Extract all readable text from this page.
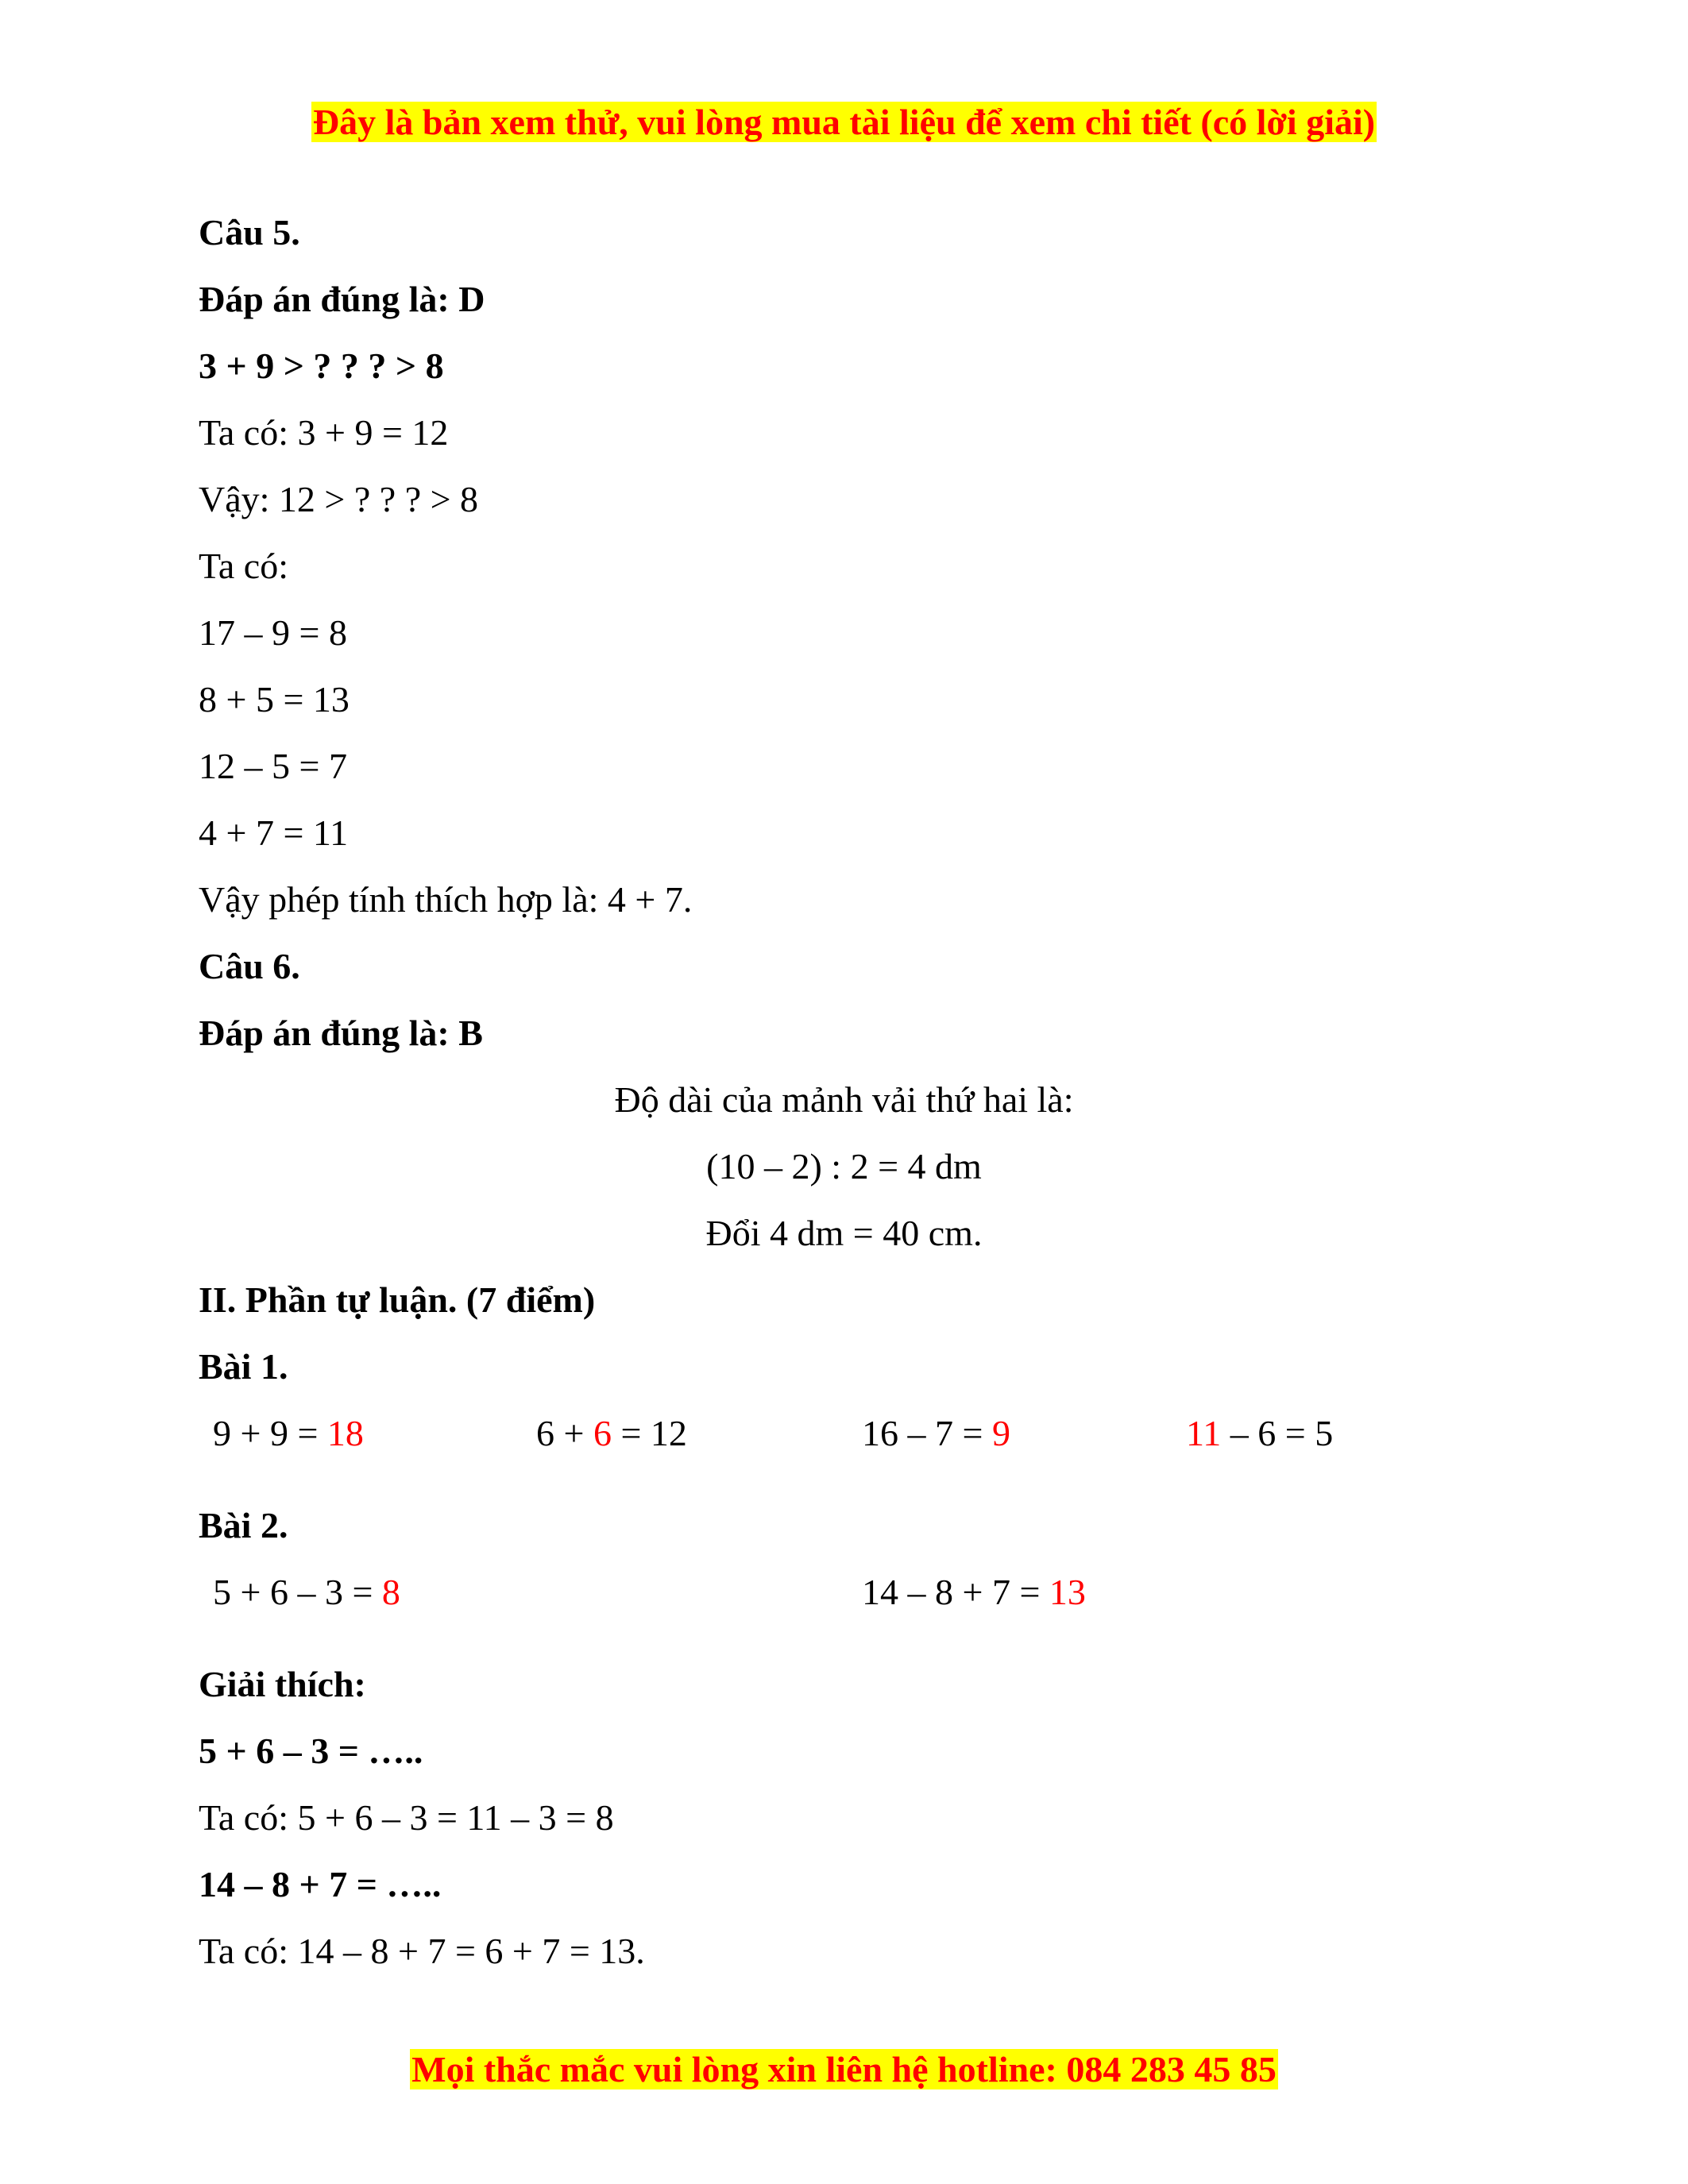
Đây là bản xem thử, vui lòng mua tài liệu để xem chi tiết (có lời giải)
Câu 5.
Đáp án đúng là: D
3 + 9 > ? ? ? > 8
Ta có: 3 + 9 = 12
Vậy: 12 > ? ? ? > 8
Ta có:
17 – 9 = 8
8 + 5 = 13
12 – 5 = 7
4 + 7 = 11
Vậy phép tính thích hợp là: 4 + 7.
Câu 6.
Đáp án đúng là: B
Độ dài của mảnh vải thứ hai là:
(10 – 2) : 2 = 4 dm
Đổi 4 dm = 40 cm.
II. Phần tự luận. (7 điểm)
Bài 1.
9 + 9 = 18	6 + 6 = 12	16 – 7 = 9	11 – 6 = 5
Bài 2.
5 + 6 – 3 = 8	14 – 8 + 7 = 13
Giải thích:
5 + 6 – 3 = …..
Ta có: 5 + 6 – 3 = 11 – 3 = 8
14 – 8 + 7 = …..
Ta có: 14 – 8 + 7 = 6 + 7 = 13.
Mọi thắc mắc vui lòng xin liên hệ hotline: 084 283 45 85
